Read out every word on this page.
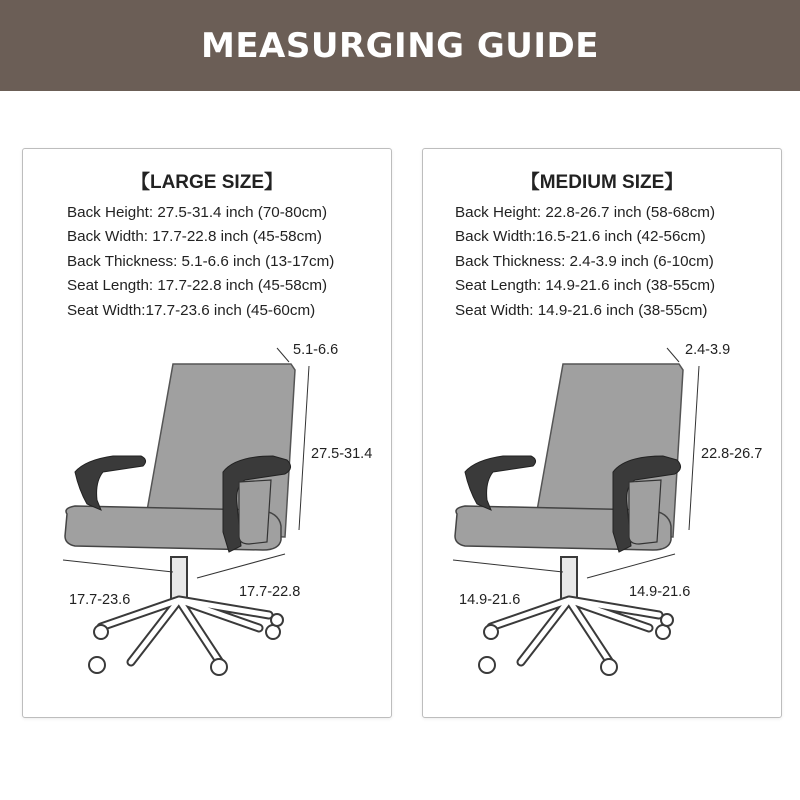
MEASURGING GUIDE
【LARGE SIZE】
Back Height: 27.5-31.4 inch (70-80cm)
Back Width: 17.7-22.8 inch (45-58cm)
Back Thickness: 5.1-6.6 inch (13-17cm)
Seat Length: 17.7-22.8 inch (45-58cm)
Seat Width:17.7-23.6 inch (45-60cm)
5.1-6.6
27.5-31.4
17.7-23.6	17.7-22.8
【MEDIUM SIZE】
Back Height: 22.8-26.7 inch (58-68cm)
Back Width:16.5-21.6 inch (42-56cm)
Back Thickness: 2.4-3.9 inch (6-10cm)
Seat Length: 14.9-21.6 inch (38-55cm)
Seat Width: 14.9-21.6 inch (38-55cm)
2.4-3.9
22.8-26.7
14.9-21.6	14.9-21.6
